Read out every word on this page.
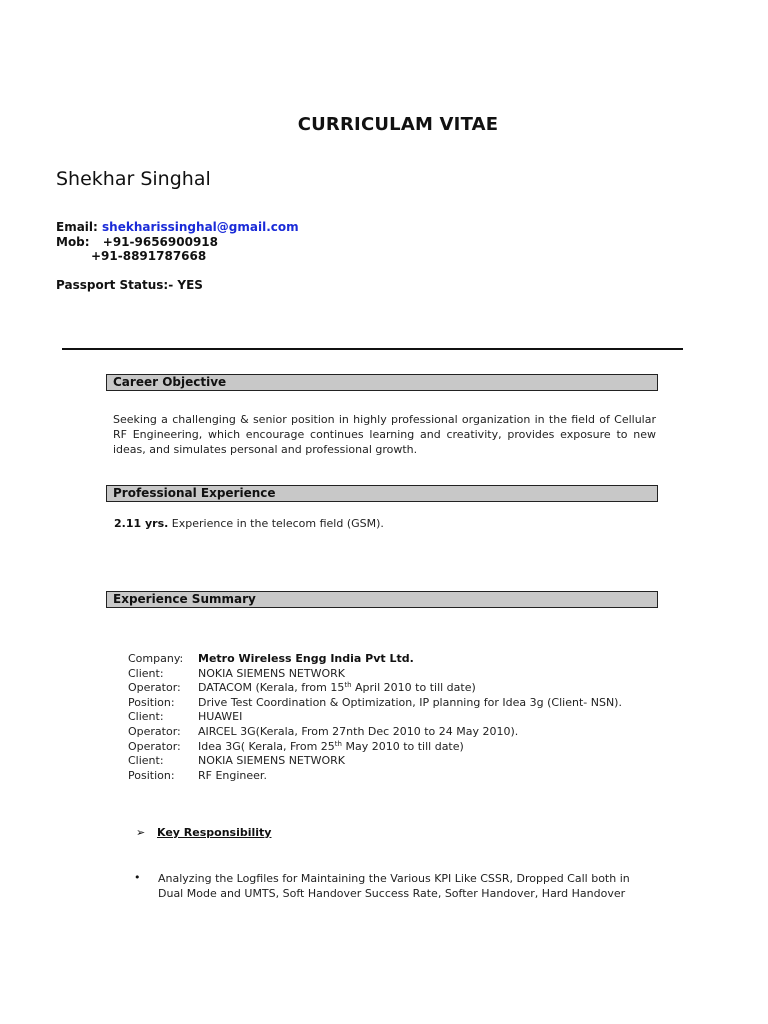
CURRICULAM VITAE
Shekhar Singhal
Email: shekharissinghal@gmail.com
Mob: +91-9656900918
+91-8891787668
Passport Status:- YES
Career Objective
Seeking a challenging & senior position in highly professional organization in the field of Cellular RF Engineering, which encourage continues learning and creativity, provides exposure to new ideas, and simulates personal and professional growth.
Professional Experience
2.11 yrs. Experience in the telecom field (GSM).
Experience Summary
Company: Metro Wireless Engg India Pvt Ltd.
Client:	NOKIA SIEMENS NETWORK
Operator: DATACOM (Kerala, from 15th April 2010 to till date)
Position: Drive Test Coordination & Optimization, IP planning for Idea 3g (Client- NSN).
Client:	HUAWEI
Operator: AIRCEL 3G(Kerala, From 27nth Dec 2010 to 24 May 2010).
Operator: Idea 3G( Kerala, From 25th May 2010 to till date)
Client:	NOKIA SIEMENS NETWORK
Position: RF Engineer.
➢ Key Responsibility
• Analyzing the Logfiles for Maintaining the Various KPI Like CSSR, Dropped Call both in Dual Mode and UMTS, Soft Handover Success Rate, Softer Handover, Hard Handover
